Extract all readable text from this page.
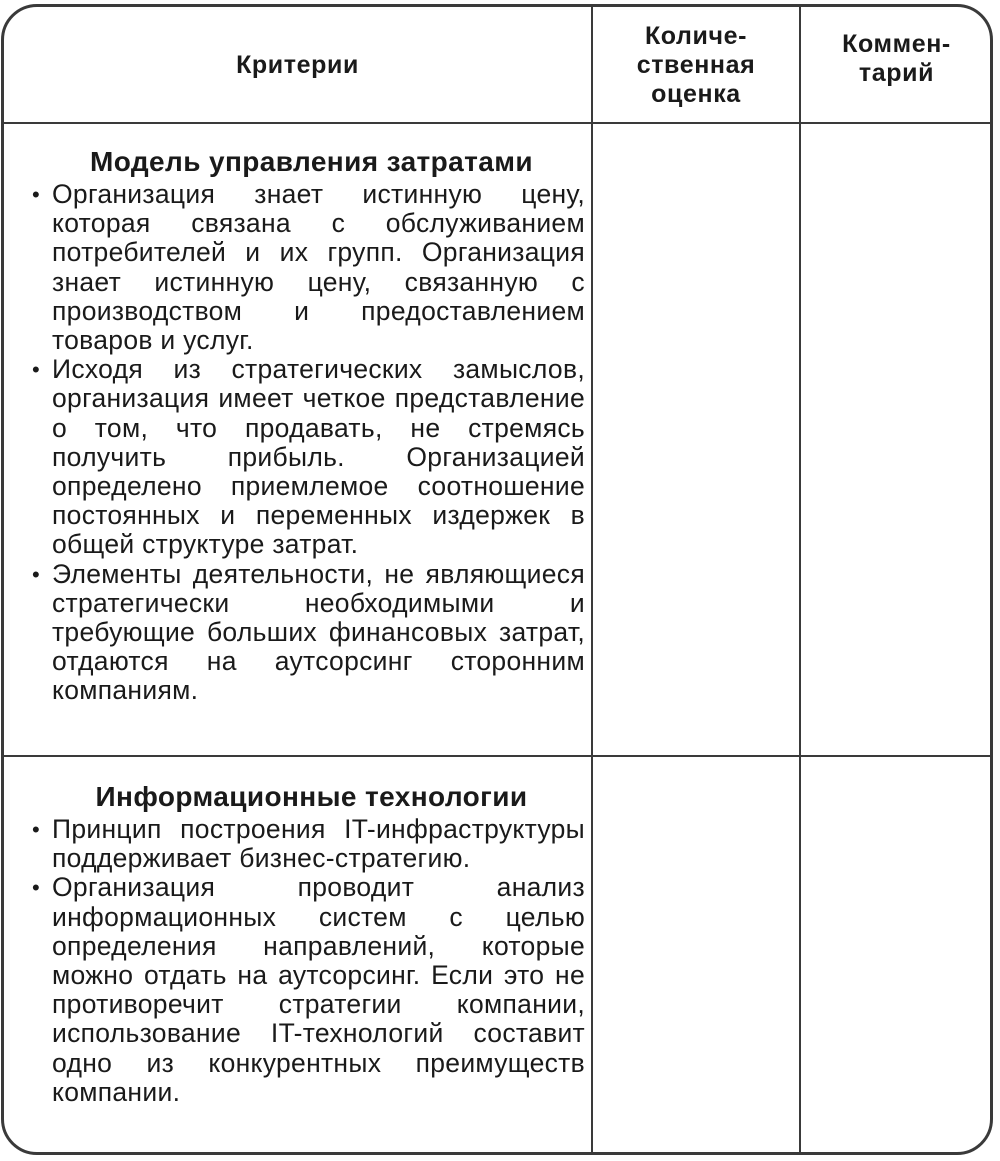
Критерии
Количе-
ственная
оценка
Коммен-
тарий
Модель управления затратами
• Организация знает истинную цену, которая связана с обслуживанием потребителей и их групп. Организация знает истинную цену, связанную с производством и предоставлением товаров и услуг.
• Исходя из стратегических замыслов, организация имеет четкое представление о том, что продавать, не стремясь получить прибыль. Организацией определено приемлемое соотношение постоянных и переменных издержек в общей структуре затрат.
• Элементы деятельности, не являющиеся стратегически необходимыми и требующие больших финансовых затрат, отдаются на аутсорсинг сторонним компаниям.
Информационные технологии
• Принцип построения IT-инфраструктуры поддерживает бизнес-стратегию.
• Организация проводит анализ информационных систем с целью определения направлений, которые можно отдать на аутсорсинг. Если это не противоречит стратегии компании, использование IT-технологий составит одно из конкурентных преимуществ компании.
